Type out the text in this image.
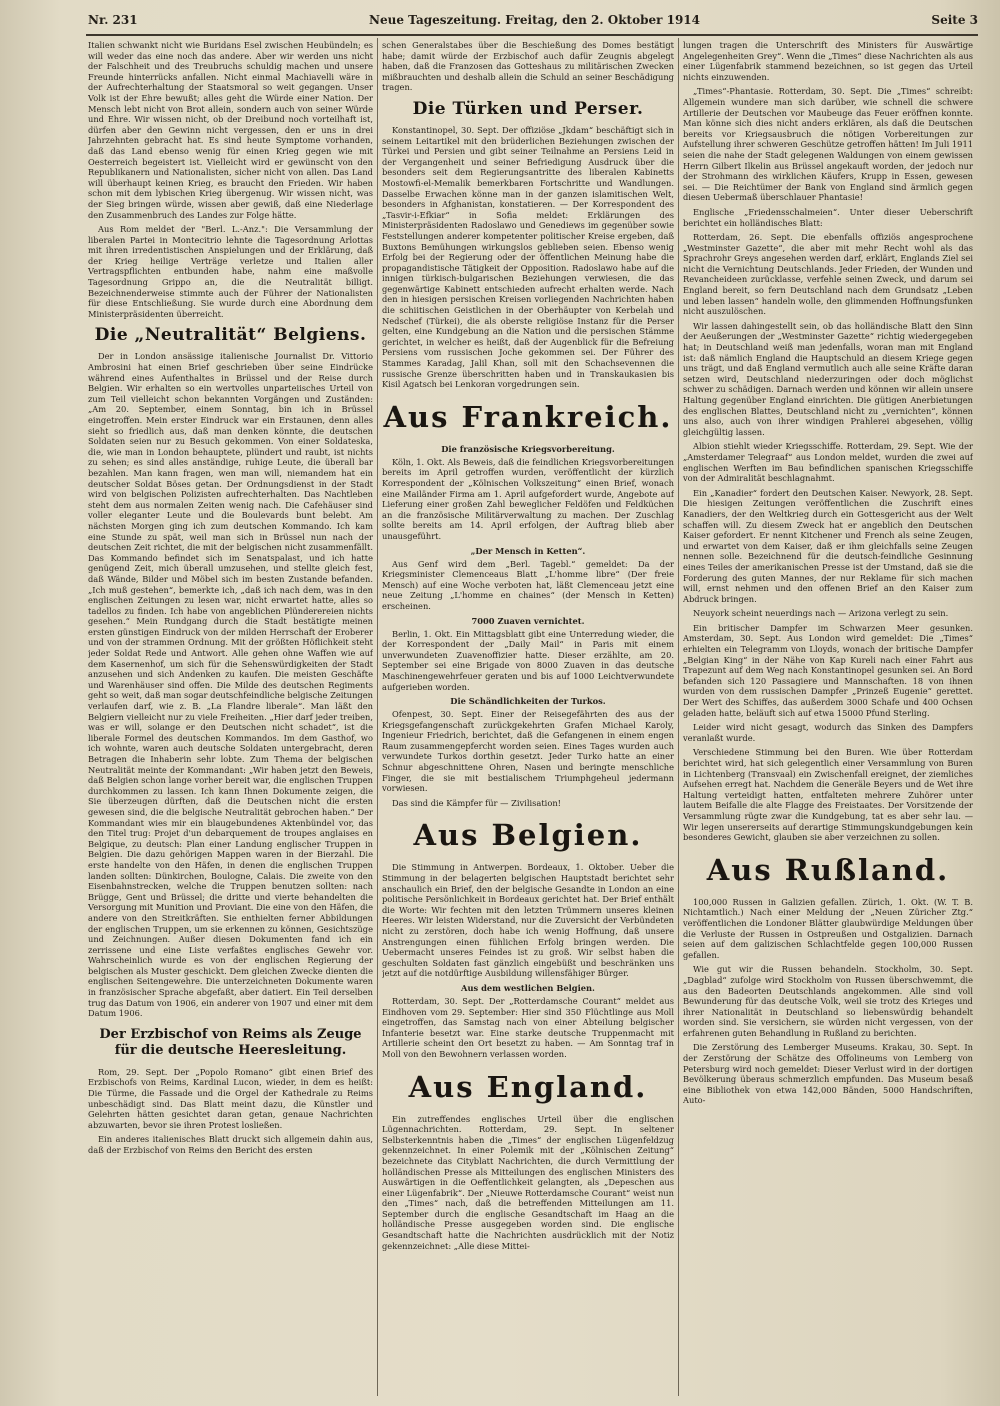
Nr. 231	Neue Tageszeitung. Freitag, den 2. Oktober 1914	Seite 3

Italien schwankt nicht wie Buridans Esel zwischen Heubündeln; es will weder das eine noch das andere. Aber wir werden uns nicht der Falschheit und des Treubruchs schuldig machen und unsere Freunde hinterrücks anfallen. Nicht einmal Machiavelli wäre in der Aufrechterhaltung der Staatsmoral so weit gegangen. Unser Volk ist der Ehre bewußt; alles geht die Würde einer Nation. Der Mensch lebt nicht von Brot allein, sondern auch von seiner Würde und Ehre. Wir wissen nicht, ob der Dreibund noch vorteilhaft ist, dürfen aber den Gewinn nicht vergessen, den er uns in drei Jahrzehnten gebracht hat. Es sind heute Symptome vorhanden, daß das Land ebenso wenig für einen Krieg gegen wie mit Oesterreich begeistert ist. Vielleicht wird er gewünscht von den Republikanern und Nationalisten, sicher nicht von allen. Das Land will überhaupt keinen Krieg, es braucht den Frieden. Wir haben schon mit dem lybischen Krieg übergenug. Wir wissen nicht, was der Sieg bringen würde, wissen aber gewiß, daß eine Niederlage den Zusammenbruch des Landes zur Folge hätte.

Aus Rom meldet der "Berl. L.-Anz.": Die Versammlung der liberalen Partei in Montecitrio lehnte die Tagesordnung Arlottas mit ihren irredentistischen Anspielungen und der Erklärung, daß der Krieg heilige Verträge verletze und Italien aller Vertragspflichten entbunden habe, nahm eine maßvolle Tagesordnung Grippo an, die die Neutralität billigt. Bezeichnenderweise stimmte auch der Führer der Nationalisten für diese Entschließung. Sie wurde durch eine Abordnung dem Ministerpräsidenten überreicht.

Die „Neutralität“ Belgiens.

Der in London ansässige italienische Journalist Dr. Vittorio Ambrosini hat einen Brief geschrieben über seine Eindrücke während eines Aufenthaltes in Brüssel und der Reise durch Belgien. Wir erhalten so ein wertvolles unparteiisches Urteil von zum Teil vielleicht schon bekannten Vorgängen und Zuständen: „Am 20. September, einem Sonntag, bin ich in Brüssel eingetroffen. Mein erster Eindruck war ein Erstaunen, denn alles sieht so friedlich aus, daß man denken könnte, die deutschen Soldaten seien nur zu Besuch gekommen. Von einer Soldateska, die, wie man in London behauptete, plündert und raubt, ist nichts zu sehen; es sind alles anständige, ruhige Leute, die überall bar bezahlen. Man kann fragen, wen man will, niemandem hat ein deutscher Soldat Böses getan. Der Ordnungsdienst in der Stadt wird von belgischen Polizisten aufrechterhalten. Das Nachtleben steht dem aus normalen Zeiten wenig nach. Die Cafehäuser sind voller eleganter Leute und die Boulevards bunt belebt. Am nächsten Morgen ging ich zum deutschen Kommando. Ich kam eine Stunde zu spät, weil man sich in Brüssel nun nach der deutschen Zeit richtet, die mit der belgischen nicht zusammenfällt. Das Kommando befindet sich im Senatspalast, und ich hatte genügend Zeit, mich überall umzusehen, und stellte gleich fest, daß Wände, Bilder und Möbel sich im besten Zustande befanden. „Ich muß gestehen“, bemerkte ich, „daß ich nach dem, was in den englischen Zeitungen zu lesen war, nicht erwartet hatte, alles so tadellos zu finden. Ich habe von angeblichen Plünderereien nichts gesehen.“ Mein Rundgang durch die Stadt bestätigte meinen ersten günstigen Eindruck von der milden Herrschaft der Eroberer und von der strammen Ordnung. Mit der größten Höflichkeit steht jeder Soldat Rede und Antwort. Alle gehen ohne Waffen wie auf dem Kasernenhof, um sich für die Sehenswürdigkeiten der Stadt anzusehen und sich Andenken zu kaufen. Die meisten Geschäfte und Warenhäuser sind offen. Die Milde des deutschen Regiments geht so weit, daß man sogar deutschfeindliche belgische Zeitungen verlaufen darf, wie z. B. „La Flandre liberale“. Man läßt den Belgiern vielleicht nur zu viele Freiheiten. „Hier darf jeder treiben, was er will, solange er den Deutschen nicht schadet“, ist die liberale Formel des deutschen Kommandos. Im dem Gasthof, wo ich wohnte, waren auch deutsche Soldaten untergebracht, deren Betragen die Inhaberin sehr lobte. Zum Thema der belgischen Neutralität meinte der Kommandant: „Wir haben jetzt den Beweis, daß Belgien schon lange vorher bereit war, die englischen Truppen durchkommen zu lassen. Ich kann Ihnen Dokumente zeigen, die Sie überzeugen dürften, daß die Deutschen nicht die ersten gewesen sind, die die belgische Neutralität gebrochen haben.“ Der Kommandant wies mir ein blaugebundenes Aktenbündel vor, das den Titel trug: Projet d'un debarquement de troupes anglaises en Belgique, zu deutsch: Plan einer Landung englischer Truppen in Belgien. Die dazu gehörigen Mappen waren in der Bierzahl. Die erste handelte von den Häfen, in denen die englischen Truppen landen sollten: Dünkirchen, Boulogne, Calais. Die zweite von den Eisenbahnstrecken, welche die Truppen benutzen sollten: nach Brügge, Gent und Brüssel; die dritte und vierte behandelten die Versorgung mit Munition und Proviant. Die eine von den Häfen, die andere von den Streitkräften. Sie enthielten ferner Abbildungen der englischen Truppen, um sie erkennen zu können, Gesichtszüge und Zeichnungen. Außer diesen Dokumenten fand ich ein zerrissene und eine Liste verfaßtes englisches Gewehr vor. Wahrscheinlich wurde es von der englischen Regierung der belgischen als Muster geschickt. Dem gleichen Zwecke dienten die englischen Seitengewehre. Die unterzeichneten Dokumente waren in französischer Sprache abgefaßt, aber datiert. Ein Teil derselben trug das Datum von 1906, ein anderer von 1907 und einer mit dem Datum 1906.

Der Erzbischof von Reims als Zeuge für die deutsche Heeresleitung.

Rom, 29. Sept. Der „Popolo Romano“ gibt einen Brief des Erzbischofs von Reims, Kardinal Lucon, wieder, in dem es heißt: Die Türme, die Fassade und die Orgel der Kathedrale zu Reims unbeschädigt sind. Das Blatt meint dazu, die Künstler und Gelehrten hätten gesichtet daran getan, genaue Nachrichten abzuwarten, bevor sie ihren Protest losließen.

Ein anderes italienisches Blatt druckt sich allgemein dahin aus, daß der Erzbischof von Reims den Bericht des ersten

schen Generalstabes über die Beschießung des Domes bestätigt habe; damit würde der Erzbischof auch dafür Zeugnis abgelegt haben, daß die Franzosen das Gotteshaus zu militärischen Zwecken mißbrauchten und deshalb allein die Schuld an seiner Beschädigung tragen.

Die Türken und Perser.

Konstantinopel, 30. Sept. Der offiziöse „Jkdam“ beschäftigt sich in seinem Leitartikel mit den brüderlichen Beziehungen zwischen der Türkei und Persien und gibt seiner Teilnahme an Persiens Leid in der Vergangenheit und seiner Befriedigung Ausdruck über die besonders seit dem Regierungsantritte des liberalen Kabinetts Mostowfi-el-Memalik bemerkbaren Fortschritte und Wandlungen. Dasselbe Erwachen könne man in der ganzen islamitischen Welt, besonders in Afghanistan, konstatieren. — Der Korrespondent des „Tasvir-i-Efkiar“ in Sofia meldet: Erklärungen des Ministerpräsidenten Radoslawo und Genediews im gegenüber sowie Feststellungen anderer kompetenter politischer Kreise ergeben, daß Buxtons Bemühungen wirkungslos geblieben seien. Ebenso wenig Erfolg bei der Regierung oder der öffentlichen Meinung habe die propagandistische Tätigkeit der Opposition. Radoslawo habe auf die innigen türkisch-bulgarischen Beziehungen verwiesen, die das gegenwärtige Kabinett entschieden aufrecht erhalten werde. Nach den in hiesigen persischen Kreisen vorliegenden Nachrichten haben die schiitischen Geistlichen in der Oberhäupter von Kerbelah und Nedschef (Türkei), die als oberste religiöse Instanz für die Perser gelten, eine Kundgebung an die Nation und die persischen Stämme gerichtet, in welcher es heißt, daß der Augenblick für die Befreiung Persiens vom russischen Joche gekommen sei. Der Führer des Stammes Karadag, Jalil Khan, soll mit den Schachsevennen die russische Grenze überschritten haben und in Transkaukasien bis Kisil Agatsch bei Lenkoran vorgedrungen sein.

Aus Frankreich.
Die französische Kriegsvorbereitung.

Köln, 1. Okt. Als Beweis, daß die feindlichen Kriegsvorbereitungen bereits im April getroffen wurden, veröffentlicht der kürzlich Korrespondent der „Kölnischen Volkszeitung“ einen Brief, wonach eine Mailänder Firma am 1. April aufgefordert wurde, Angebote auf Lieferung einer großen Zahl beweglicher Feldöfen und Feldküchen an die französische Militärverwaltung zu machen. Der Zuschlag sollte bereits am 14. April erfolgen, der Auftrag blieb aber unausgeführt.

„Der Mensch in Ketten“.

Aus Genf wird dem „Berl. Tagebl.“ gemeldet: Da der Kriegsminister Clemenceaus Blatt „L'homme libre“ (Der freie Mensch) auf eine Woche verboten hat, läßt Clemenceau jetzt eine neue Zeitung „L'homme en chaines“ (der Mensch in Ketten) erscheinen.

7000 Zuaven vernichtet.

Berlin, 1. Okt. Ein Mittagsblatt gibt eine Unterredung wieder, die der Korrespondent der „Daily Mail“ in Paris mit einem unverwundeten Zuavenoffizier hatte. Dieser erzählte, am 20. September sei eine Brigade von 8000 Zuaven in das deutsche Maschinengewehrfeuer geraten und bis auf 1000 Leichtverwundete aufgerieben worden.

Die Schändlichkeiten der Turkos.

Ofenpest, 30. Sept. Einer der Reisegefährten des aus der Kriegsgefangenschaft zurückgekehrten Grafen Michael Karoly, Ingenieur Friedrich, berichtet, daß die Gefangenen in einem engen Raum zusammengepfercht worden seien. Eines Tages wurden auch verwundete Turkos dorthin gesetzt. Jeder Turko hatte an einer Schnur abgeschnittene Ohren, Nasen und beringte menschliche Finger, die sie mit bestialischem Triumphgeheul jedermann vorwiesen.

Das sind die Kämpfer für — Zivilisation!

Aus Belgien.

Die Stimmung in Antwerpen. Bordeaux, 1. Oktober. Ueber die Stimmung in der belagerten belgischen Hauptstadt berichtet sehr anschaulich ein Brief, den der belgische Gesandte in London an eine politische Persönlichkeit in Bordeaux gerichtet hat. Der Brief enthält die Worte: Wir fechten mit den letzten Trümmern unseres kleinen Heeres. Wir leisten Widerstand, nur die Zuversicht der Verbündeten nicht zu zerstören, doch habe ich wenig Hoffnung, daß unsere Anstrengungen einen fühlichen Erfolg bringen werden. Die Uebermacht unseres Feindes ist zu groß. Wir selbst haben die geschulten Soldaten fast gänzlich eingebüßt und beschränken uns jetzt auf die notdürftige Ausbildung willensfähiger Bürger.

Aus dem westlichen Belgien.

Rotterdam, 30. Sept. Der „Rotterdamsche Courant“ meldet aus Eindhoven vom 29. September: Hier sind 350 Flüchtlinge aus Moll eingetroffen, das Samstag nach von einer Abteilung belgischer Infanterie besetzt war. Eine starke deutsche Truppenmacht mit Artillerie scheint den Ort besetzt zu haben. — Am Sonntag traf in Moll von den Bewohnern verlassen worden.

Aus England.

Ein zutreffendes englisches Urteil über die englischen Lügennachrichten. Rotterdam, 29. Sept. In seltener Selbsterkenntnis haben die „Times“ der englischen Lügenfeldzug gekennzeichnet. In einer Polemik mit der „Kölnischen Zeitung“ bezeichnete das Cityblatt Nachrichten, die durch Vermittlung der holländischen Presse als Mitteilungen des englischen Ministers des Auswärtigen in die Oeffentlichkeit gelangten, als „Depeschen aus einer Lügenfabrik“. Der „Nieuwe Rotterdamsche Courant“ weist nun den „Times“ nach, daß die betreffenden Mitteilungen am 11. September durch die englische Gesandtschaft im Haag an die holländische Presse ausgegeben worden sind. Die englische Gesandtschaft hatte die Nachrichten ausdrücklich mit der Notiz gekennzeichnet: „Alle diese Mittei-

lungen tragen die Unterschrift des Ministers für Auswärtige Angelegenheiten Grey“. Wenn die „Times“ diese Nachrichten als aus einer Lügenfabrik stammend bezeichnen, so ist gegen das Urteil nichts einzuwenden.

„Times“-Phantasie. Rotterdam, 30. Sept. Die „Times“ schreibt: Allgemein wundere man sich darüber, wie schnell die schwere Artillerie der Deutschen vor Maubeuge das Feuer eröffnen konnte. Man könne sich dies nicht anders erklären, als daß die Deutschen bereits vor Kriegsausbruch die nötigen Vorbereitungen zur Aufstellung ihrer schweren Geschütze getroffen hätten! Im Juli 1911 seien die nahe der Stadt gelegenen Waldungen von einem gewissen Herrn Gilbert Ilkelin aus Brüssel angekauft worden, der jedoch nur der Strohmann des wirklichen Käufers, Krupp in Essen, gewesen sei. — Die Reichtümer der Bank von England sind ärmlich gegen diesen Uebermaß überschlauer Phantasie!

Englische „Friedensschalmeien“. Unter dieser Ueberschrift berichtet ein holländisches Blatt:

Rotterdam, 26. Sept. Die ebenfalls offiziös angesprochene „Westminster Gazette“, die aber mit mehr Recht wohl als das Sprachrohr Greys angesehen werden darf, erklärt, Englands Ziel sei nicht die Vernichtung Deutschlands. Jeder Frieden, der Wunden und Revancheideen zurücklasse, verfehle seinen Zweck, und darum sei England bereit, so fern Deutschland nach dem Grundsatz „Leben und leben lassen“ handeln wolle, den glimmenden Hoffnungsfunken nicht auszulöschen.

Wir lassen dahingestellt sein, ob das holländische Blatt den Sinn der Aeußerungen der „Westminster Gazette“ richtig wiedergegeben hat; in Deutschland weiß man jedenfalls, woran man mit England ist: daß nämlich England die Hauptschuld an diesem Kriege gegen uns trägt, und daß England vermutlich auch alle seine Kräfte daran setzen wird, Deutschland niederzuringen oder doch möglichst schwer zu schädigen. Darnach werden und können wir allein unsere Haltung gegenüber England einrichten. Die gütigen Anerbietungen des englischen Blattes, Deutschland nicht zu „vernichten“, können uns also, auch von ihrer windigen Prahlerei abgesehen, völlig gleichgültig lassen.

Albion stiehlt wieder Kriegsschiffe. Rotterdam, 29. Sept. Wie der „Amsterdamer Telegraaf“ aus London meldet, wurden die zwei auf englischen Werften im Bau befindlichen spanischen Kriegsschiffe von der Admiralität beschlagnahmt.

Ein „Kanadier“ fordert den Deutschen Kaiser. Newyork, 28. Sept. Die hiesigen Zeitungen veröffentlichen die Zuschrift eines Kanadiers, der den Weltkrieg durch ein Gottesgericht aus der Welt schaffen will. Zu diesem Zweck hat er angeblich den Deutschen Kaiser gefordert. Er nennt Kitchener und French als seine Zeugen, und erwartet von dem Kaiser, daß er ihm gleichfalls seine Zeugen nennen solle. Bezeichnend für die deutsch-feindliche Gesinnung eines Teiles der amerikanischen Presse ist der Umstand, daß sie die Forderung des guten Mannes, der nur Reklame für sich machen will, ernst nehmen und den offenen Brief an den Kaiser zum Abdruck bringen.

Neuyork scheint neuerdings nach — Arizona verlegt zu sein.

Ein britischer Dampfer im Schwarzen Meer gesunken. Amsterdam, 30. Sept. Aus London wird gemeldet: Die „Times“ erhielten ein Telegramm von Lloyds, wonach der britische Dampfer „Belgian King“ in der Nähe von Kap Kureli nach einer Fahrt aus Trapezunt auf dem Weg nach Konstantinopel gesunken sei. An Bord befanden sich 120 Passagiere und Mannschaften. 18 von ihnen wurden von dem russischen Dampfer „Prinzeß Eugenie“ gerettet. Der Wert des Schiffes, das außerdem 3000 Schafe und 400 Ochsen geladen hatte, beläuft sich auf etwa 15000 Pfund Sterling.

Leider wird nicht gesagt, wodurch das Sinken des Dampfers veranlaßt wurde.

Verschiedene Stimmung bei den Buren. Wie über Rotterdam berichtet wird, hat sich gelegentlich einer Versammlung von Buren in Lichtenberg (Transvaal) ein Zwischenfall ereignet, der ziemliches Aufsehen erregt hat. Nachdem die Generäle Beyers und de Wet ihre Haltung verteidigt hatten, entfalteten mehrere Zuhörer unter lautem Beifalle die alte Flagge des Freistaates. Der Vorsitzende der Versammlung rügte zwar die Kundgebung, tat es aber sehr lau. — Wir legen unsererseits auf derartige Stimmungskundgebungen kein besonderes Gewicht, glauben sie aber verzeichnen zu sollen.

Aus Rußland.

100,000 Russen in Galizien gefallen. Zürich, 1. Okt. (W. T. B. Nichtamtlich.) Nach einer Meldung der „Neuen Züricher Ztg.“ veröffentlichen die Londoner Blätter glaubwürdige Meldungen über die Verluste der Russen in Ostpreußen und Ostgalizien. Darnach seien auf dem galizischen Schlachtfelde gegen 100,000 Russen gefallen.

Wie gut wir die Russen behandeln. Stockholm, 30. Sept. „Dagblad“ zufolge wird Stockholm von Russen überschwemmt, die aus den Badeorten Deutschlands angekommen. Alle sind voll Bewunderung für das deutsche Volk, weil sie trotz des Krieges und ihrer Nationalität in Deutschland so liebenswürdig behandelt worden sind. Sie versichern, sie würden nicht vergessen, von der erfahrenen guten Behandlung in Rußland zu berichten.

Die Zerstörung des Lemberger Museums. Krakau, 30. Sept. In der Zerstörung der Schätze des Offolineums von Lemberg von Petersburg wird noch gemeldet: Dieser Verlust wird in der dortigen Bevölkerung überaus schmerzlich empfunden. Das Museum besaß eine Bibliothek von etwa 142,000 Bänden, 5000 Handschriften, Auto-
